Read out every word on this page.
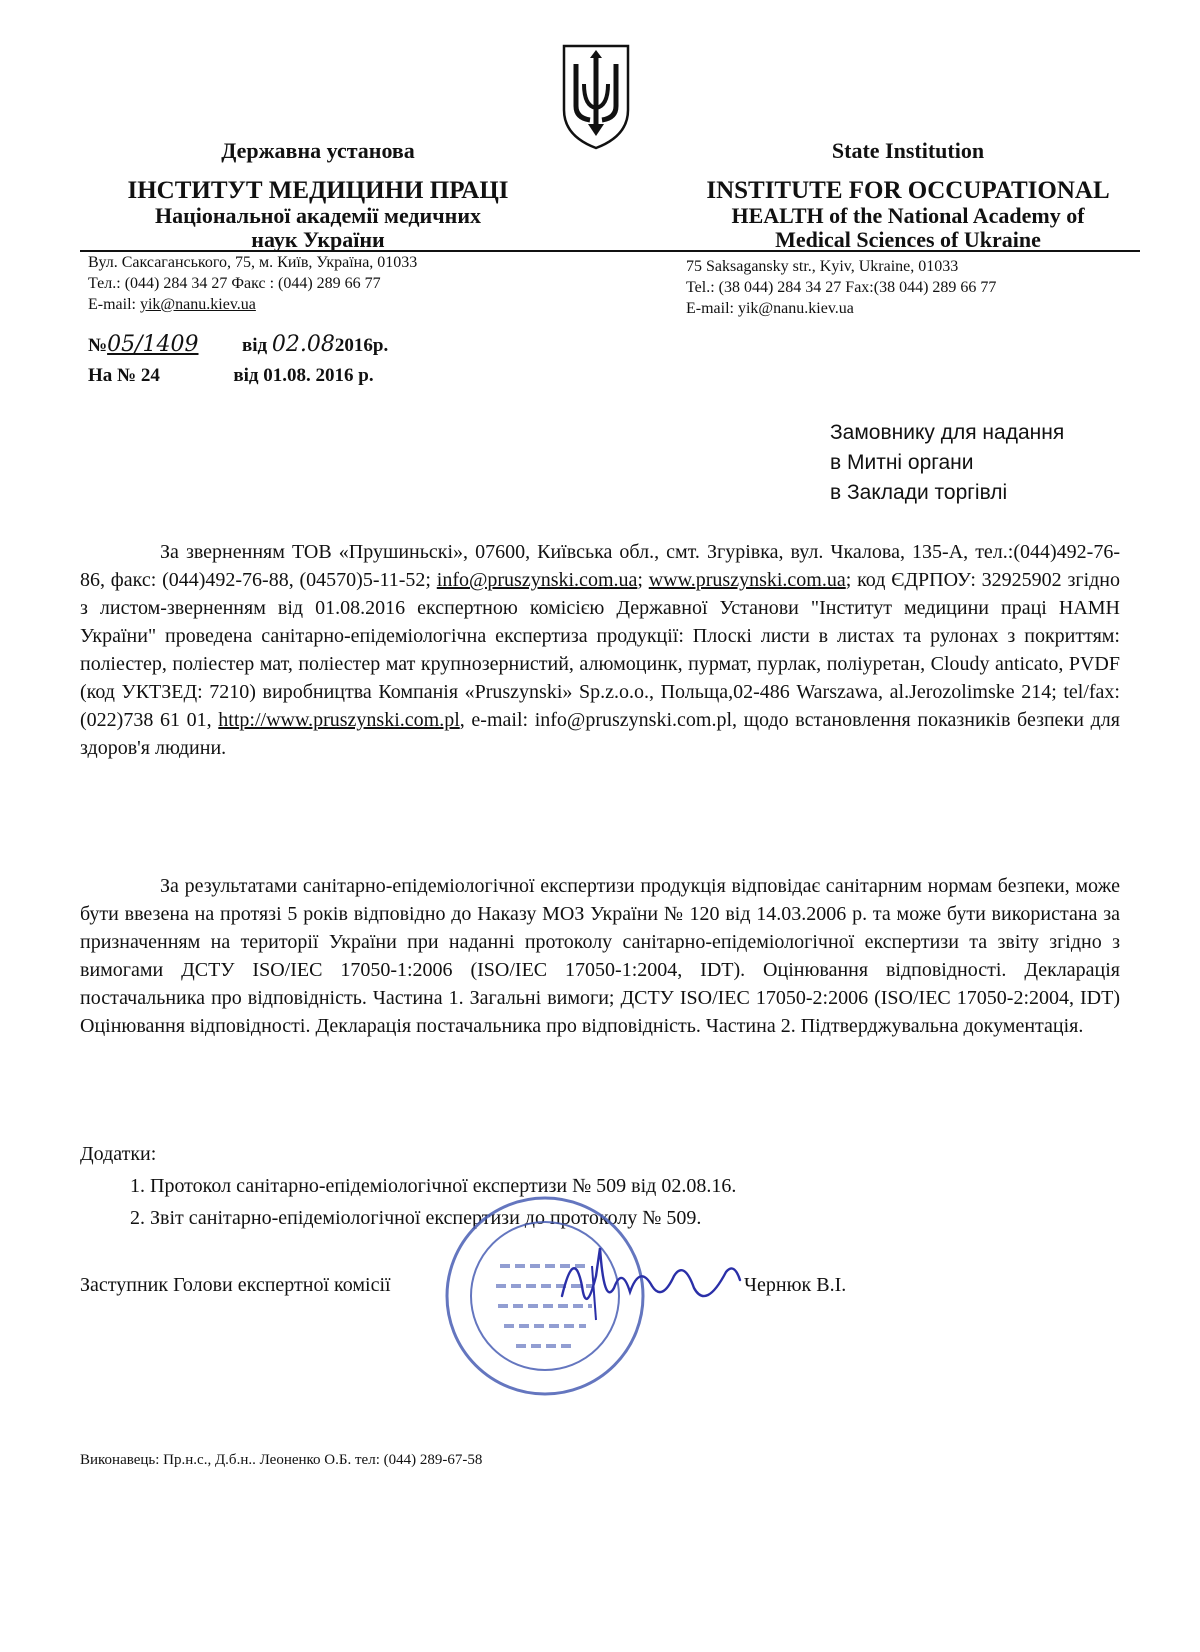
Державна установа
ІНСТИТУТ МЕДИЦИНИ ПРАЦІ
Національної академії медичних
наук України
State Institution
INSTITUTE FOR OCCUPATIONAL
HEALTH of the National Academy of
Medical Sciences of Ukraine
Вул. Саксаганського, 75, м. Київ, Україна, 01033
Тел.: (044) 284 34 27 Факс : (044) 289 66 77
E-mail: yik@nanu.kiev.ua
75 Saksagansky str., Kyiv, Ukraine, 01033
Tel.: (38 044) 284 34 27 Fax:(38 044) 289 66 77
E-mail: yik@nanu.kiev.ua
№05/1409 від 02.082016р.
На № 24	від 01.08. 2016 р.
Замовнику для надання
в Митні органи
в Заклади торгівлі

За зверненням ТОВ «Прушиньскі», 07600, Київська обл., смт. Згурівка, вул. Чкалова, 135-А, тел.:(044)492-76-86, факс: (044)492-76-88, (04570)5-11-52; info@pruszynski.com.ua; www.pruszynski.com.ua; код ЄДРПОУ: 32925902 згідно з листом-зверненням від 01.08.2016 експертною комісією Державної Установи "Інститут медицини праці НАМН України" проведена санітарно-епідеміологічна експертиза продукції: Плоскі листи в листах та рулонах з покриттям: поліестер, поліестер мат, поліестер мат крупнозернистий, алюмоцинк, пурмат, пурлак, поліуретан, Cloudy anticato, PVDF (код УКТЗЕД: 7210) виробництва Компанія «Pruszynski» Sp.z.o.o., Польща,02-486 Warszawa, al.Jerozolimske 214; tel/fax:(022)738 61 01, http://www.pruszynski.com.pl, e-mail: info@pruszynski.com.pl, щодо встановлення показників безпеки для здоров'я людини.

За результатами санітарно-епідеміологічної експертизи продукція відповідає санітарним нормам безпеки, може бути ввезена на протязі 5 років відповідно до Наказу МОЗ України № 120 від 14.03.2006 р. та може бути використана за призначенням на території України при наданні протоколу санітарно-епідеміологічної експертизи та звіту згідно з вимогами ДСТУ ISO/IEC 17050-1:2006 (ISO/IEC 17050-1:2004, IDT). Оцінювання відповідності. Декларація постачальника про відповідність. Частина 1. Загальні вимоги; ДСТУ ISO/IEC 17050-2:2006 (ISO/IEC 17050-2:2004, IDT) Оцінювання відповідності. Декларація постачальника про відповідність. Частина 2. Підтверджувальна документація.

Додатки:
1. Протокол санітарно-епідеміологічної експертизи № 509 від 02.08.16.
2. Звіт санітарно-епідеміологічної експертизи до протоколу № 509.
Заступник Голови експертної комісії	Чернюк В.І.
Виконавець: Пр.н.с., Д.б.н.. Леоненко О.Б. тел: (044) 289-67-58
